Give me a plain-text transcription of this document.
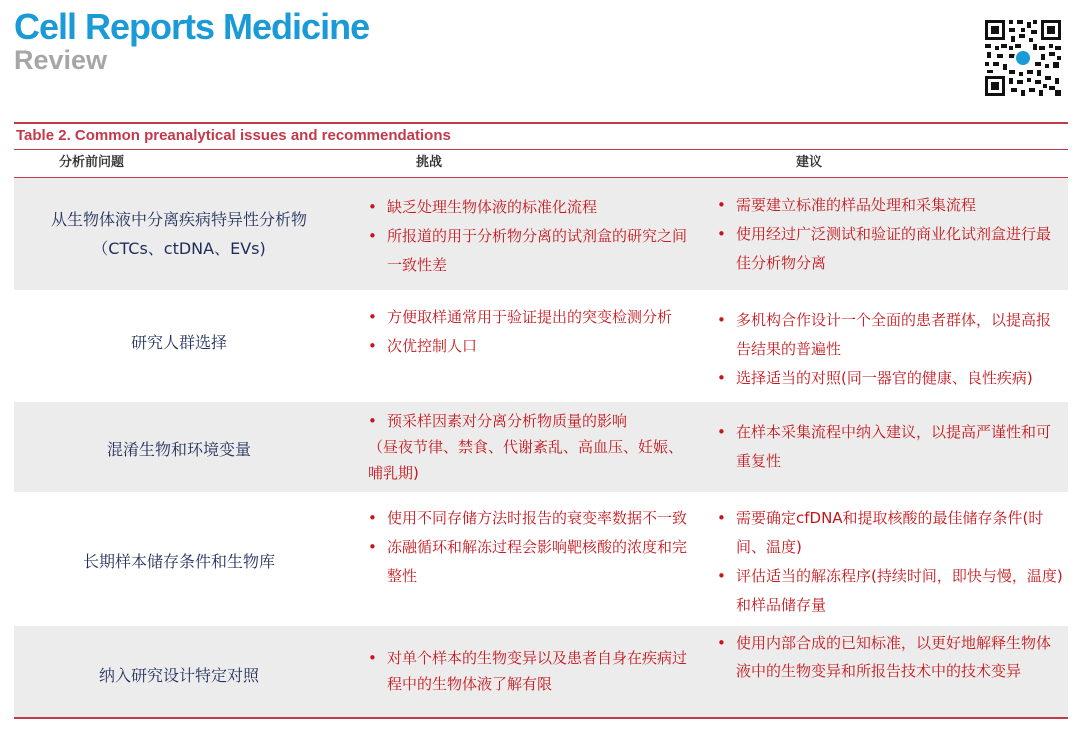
Cell Reports Medicine
Review
Table 2. Common preanalytical issues and recommendations
分析前问题	挑战	建议
从生物体液中分离疾病特异性分析物
（CTCs、ctDNA、EVs)
• 缺乏处理生物体液的标准化流程
• 所报道的用于分析物分离的试剂盒的研究之间一致性差
• 需要建立标准的样品处理和采集流程
• 使用经过广泛测试和验证的商业化试剂盒进行最佳分析物分离
研究人群选择
• 方便取样通常用于验证提出的突变检测分析
• 次优控制人口
• 多机构合作设计一个全面的患者群体，以提高报告结果的普遍性
• 选择适当的对照(同一器官的健康、良性疾病)
混淆生物和环境变量
• 预采样因素对分离分析物质量的影响
（昼夜节律、禁食、代谢紊乱、高血压、妊娠、哺乳期)
• 在样本采集流程中纳入建议，以提高严谨性和可重复性
长期样本储存条件和生物库
• 使用不同存储方法时报告的衰变率数据不一致
• 冻融循环和解冻过程会影响靶核酸的浓度和完整性
• 需要确定cfDNA和提取核酸的最佳储存条件(时间、温度)
• 评估适当的解冻程序(持续时间，即快与慢，温度)和样品储存量
纳入研究设计特定对照
• 对单个样本的生物变异以及患者自身在疾病过程中的生物体液了解有限
• 使用内部合成的已知标准，以更好地解释生物体液中的生物变异和所报告技术中的技术变异
